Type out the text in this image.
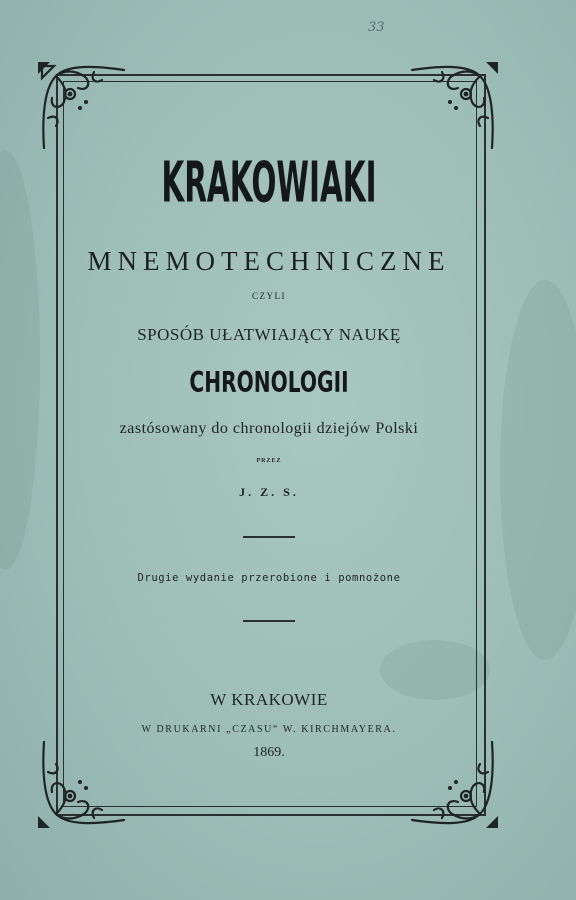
33
KRAKOWIAKI
MNEMOTECHNICZNE
CZYLI
SPOSÓB UŁATWIAJĄCY NAUKĘ
CHRONOLOGII
zastósowany do chronologii dziejów Polski
PRZEZ
J. Z. S.
Drugie wydanie przerobione i pomnożone
W KRAKOWIE
W DRUKARNI „CZASU“ W. KIRCHMAYERA.
1869.
